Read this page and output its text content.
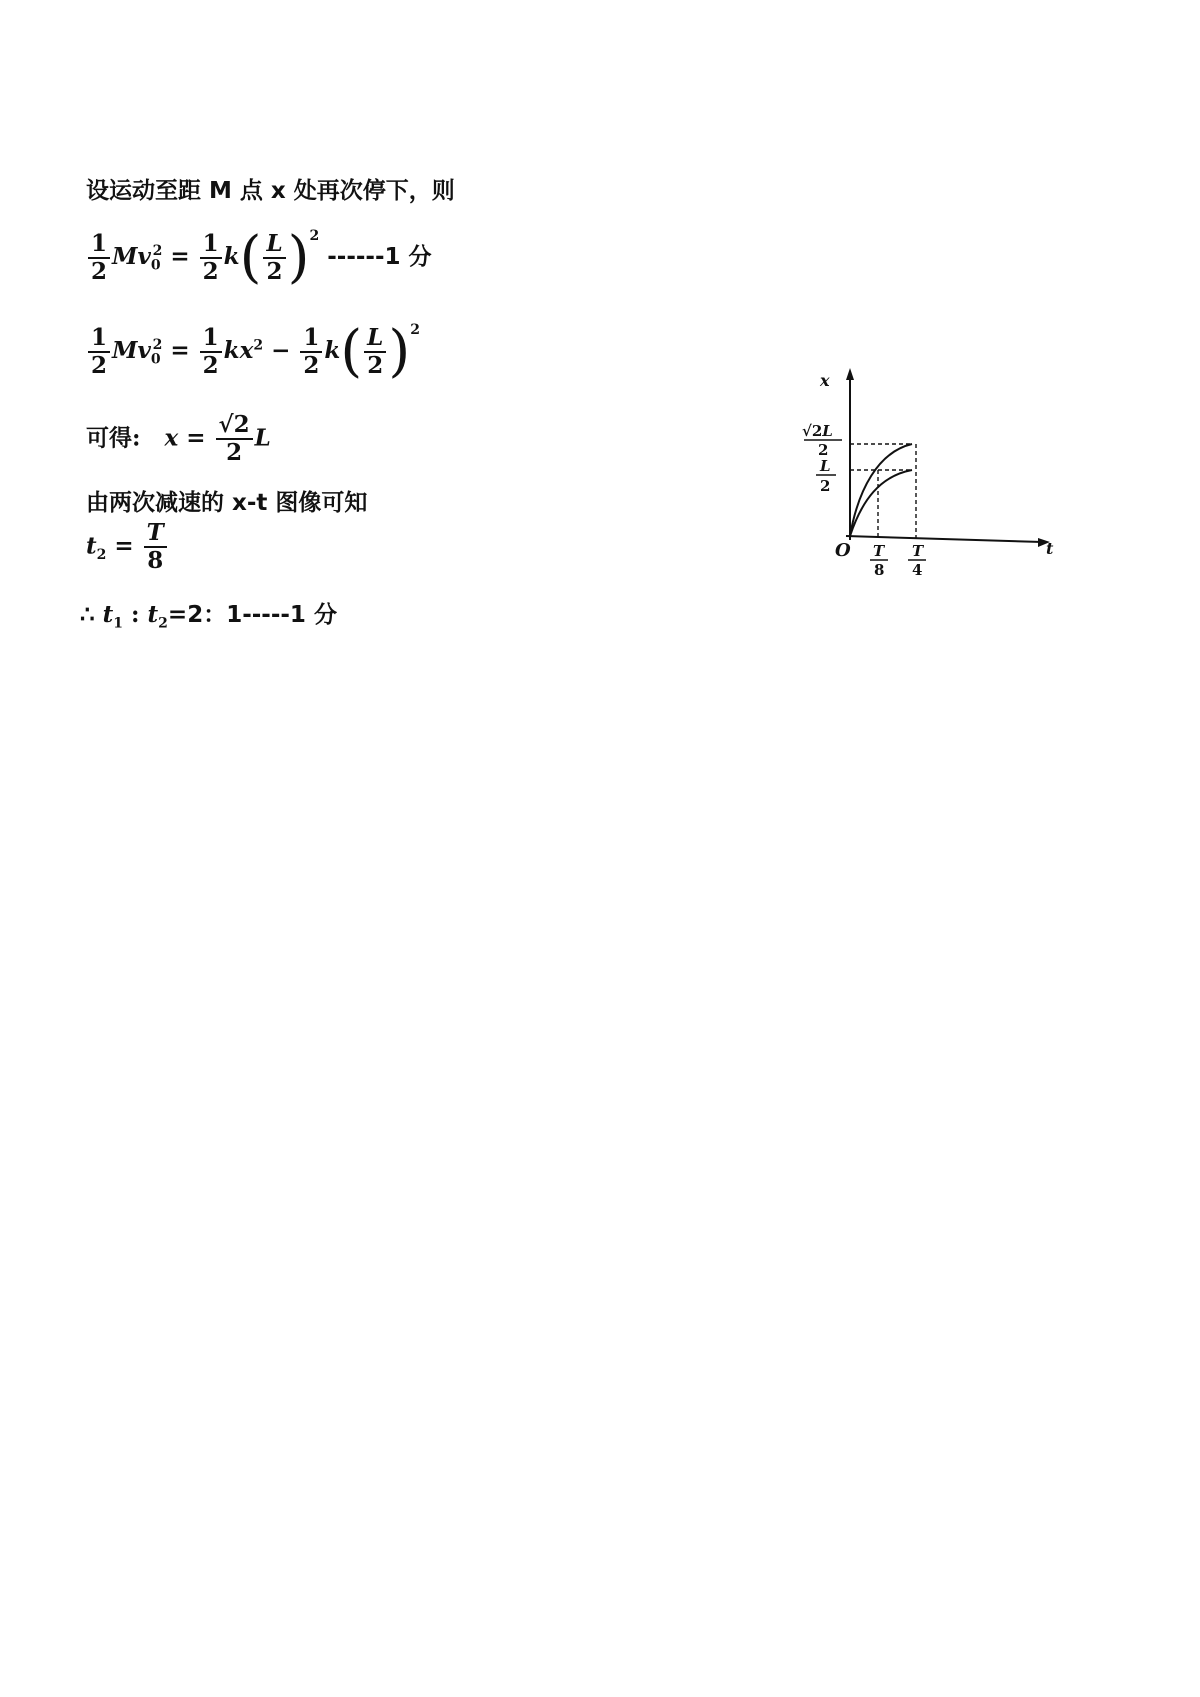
设运动至距 M 点 x 处再次停下，则
$\frac{1}{2} Mv_0^2 = \frac{1}{2} k( \frac{L}{2} )^2$ ------1 分
$\frac{1}{2} Mv_0^2 = \frac{1}{2} kx^2 - \frac{1}{2} k( \frac{L}{2} )^2$
可得: $x = \frac{√2}{2}$ L
由两次减速的 x-t 图像可知
$t_2 = \frac{T}{8}$
∴ $t_1$ : $t_2=2$：1-----1 分
x
t
O
√2L
2
L
2
T
8
T
4
